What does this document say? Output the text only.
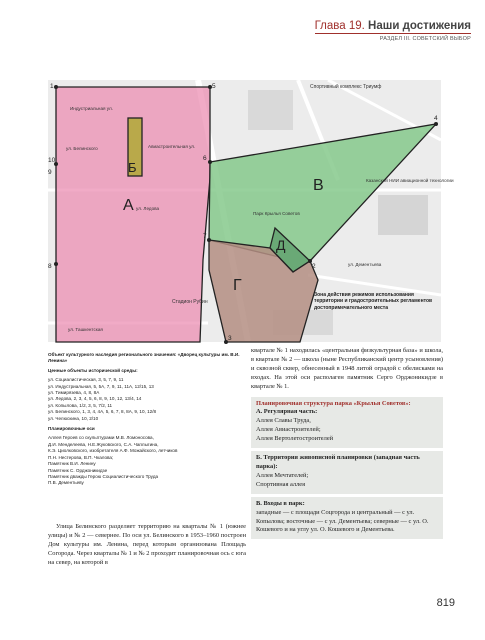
Глава 19. Наши достижения
РАЗДЕЛ III. СОВЕТСКИЙ ВЫБОР
А
Б
В
Д
Г
1	5
6
4
10
9
8
7
2
3
Спортивный комплекс Триумф
Индустриальная ул.
ул. Белинского
ул. Ледова
Авиастроительная ул.
Парк Крылья Советов
Казанский НИИ авиационной технологии
Стадион Рубин
ул. Ташкентская
ул. Дементьева
Зона действия режимов использования территории и градостроительных регламентов достопримечательного места

Объект культурного наследия регионального значения: «Дворец культуры им. В.И. Ленина»

Ценные объекты исторической среды:

ул. Социалистическая, 3, 5, 7, 9, 11
ул. Индустриальная, 5, 5А, 7, 9, 11, 11А, 12/15, 13
ул. Тимирязева, 4, 8, 8А
ул. Ледова, 2, 3, 4, 5, 6, 8, 9, 10, 12, 13/4, 14
ул. Копылова, 1/2, 3, 5, 7/2, 11
ул. Белинского, 1, 3, 4, 4А, 5, 6, 7, 8, 8А, 9, 10, 12/8
ул. Челюскина, 10, 2/10

Планировочные оси

Аллея Героев со скульптурами М.В. Ломоносова,
Д.И. Менделеева, Н.Е.Жуковского, С.А. Чаплыгина,
К.Э. Циолковского, изобретателя А.Ф. Можайского, летчиков
П.Н. Нестерова, В.П. Чкалова;
Памятник В.И. Ленину
Памятник С. Орджоникидзе
Памятник дважды Герою Социалистического Труда
П.В. Дементьеву

Улица Белинского разделяет территорию на кварталы № 1 (южнее улицы) и № 2 — севернее. По оси ул. Белинского в 1953–1960 построен Дом культуры им. Ленина, перед которым организована Площадь Согорода. Через кварталы № 1 и № 2 проходит планировочная ось с юга на север, на которой в

квартале № 1 находилась «центральная физкультурная база» и школа, в квартале № 2 — школа (ныне Республиканский центр усыновления) и сквозной сквер, обнесенный в 1948 литой оградой с обелисками на входах. На этой оси располаген памятник Серго Орджоникидзе в квартале № 1.

Планировочная структура парка «Крылья Советов»:
А. Регулярная часть:
Аллея Славы Труда,
Аллея Авиастроителей;
Аллея Вертолетостроителей
Б. Территория живописной планировки (западная часть парка):
Аллея Мечтателей;
Спортивная аллея
В. Входы в парк:
западные — с площади Соцгорода и центральный — с ул. Копылова; восточные — с ул. Дементьева; северные — с ул. О. Кошевого и на углу ул. О. Кошевого и Дементьева.
819
